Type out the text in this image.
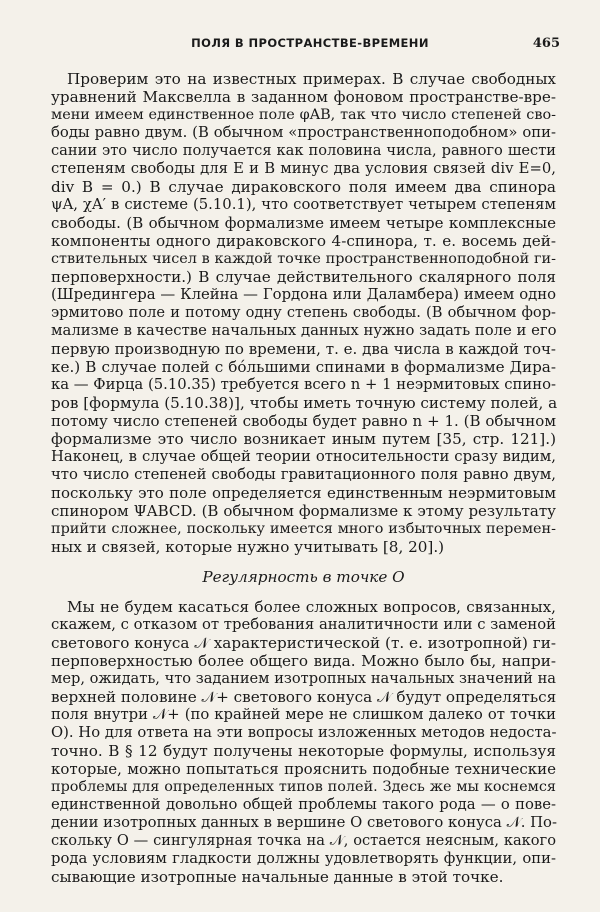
ПОЛЯ В ПРОСТРАНСТВЕ-ВРЕМЕНИ	465
Проверим это на известных примерах. В случае свободных
уравнений Максвелла в заданном фоновом пространстве-вре-
мени имеем единственное поле φAB, так что число степеней сво-
боды равно двум. (В обычном «пространственноподобном» опи-
сании это число получается как половина числа, равного шести
степеням свободы для E и B минус два условия связей div E=0,
div B = 0.) В случае дираковского поля имеем два спинора
ψA, χA′ в системе (5.10.1), что соответствует четырем степеням
свободы. (В обычном формализме имеем четыре комплексные
компоненты одного дираковского 4-спинора, т. е. восемь дей-
ствительных чисел в каждой точке пространственноподобной ги-
перповерхности.) В случае действительного скалярного поля
(Шредингера — Клейна — Гордона или Даламбера) имеем одно
эрмитово поле и потому одну степень свободы. (В обычном фор-
мализме в качестве начальных данных нужно задать поле и его
первую производную по времени, т. е. два числа в каждой точ-
ке.) В случае полей с бóльшими спинами в формализме Дира-
ка — Фирца (5.10.35) требуется всего n + 1 неэрмитовых спино-
ров [формула (5.10.38)], чтобы иметь точную систему полей, а
потому число степеней свободы будет равно n + 1. (В обычном
формализме это число возникает иным путем [35, стр. 121].)
Наконец, в случае общей теории относительности сразу видим,
что число степеней свободы гравитационного поля равно двум,
поскольку это поле определяется единственным неэрмитовым
спинором ΨABCD. (В обычном формализме к этому результату
прийти сложнее, поскольку имеется много избыточных перемен-
ных и связей, которые нужно учитывать [8, 20].)
Регулярность в точке O
Мы не будем касаться более сложных вопросов, связанных,
скажем, с отказом от требования аналитичности или с заменой
светового конуса 𝒩 характеристической (т. е. изотропной) ги-
перповерхностью более общего вида. Можно было бы, напри-
мер, ожидать, что заданием изотропных начальных значений на
верхней половине 𝒩+ светового конуса 𝒩 будут определяться
поля внутри 𝒩+ (по крайней мере не слишком далеко от точки
O). Но для ответа на эти вопросы изложенных методов недоста-
точно. В § 12 будут получены некоторые формулы, используя
которые, можно попытаться прояснить подобные технические
проблемы для определенных типов полей. Здесь же мы коснемся
единственной довольно общей проблемы такого рода — о пове-
дении изотропных данных в вершине O светового конуса 𝒩. По-
скольку O — сингулярная точка на 𝒩, остается неясным, какого
рода условиям гладкости должны удовлетворять функции, опи-
сывающие изотропные начальные данные в этой точке.
